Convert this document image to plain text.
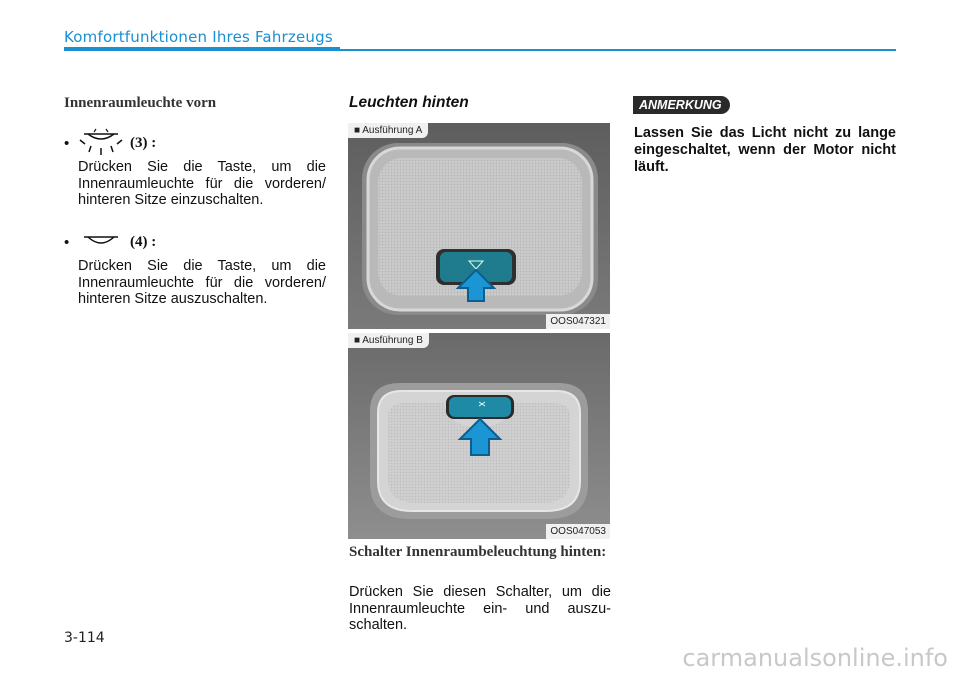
Komfortfunktionen Ihres Fahrzeugs
Innenraumleuchte vorn
•	(3) :
Drücken Sie die Taste, um die Innenraumleuchte für die vorderen/ hinteren Sitze einzuschalten.
•	(4) :
Drücken Sie die Taste, um die Innenraumleuchte für die vorderen/ hinteren Sitze auszuschalten.
Leuchten hinten
■ Ausführung A
OOS047321
■ Ausführung B
OOS047053
Schalter Innenraumbeleuchtung hinten:
Drücken Sie diesen Schalter, um die Innenraumleuchte ein- und auszu-schalten.
ANMERKUNG
Lassen Sie das Licht nicht zu lange eingeschaltet, wenn der Motor nicht läuft.
3-114
carmanualsonline.info
